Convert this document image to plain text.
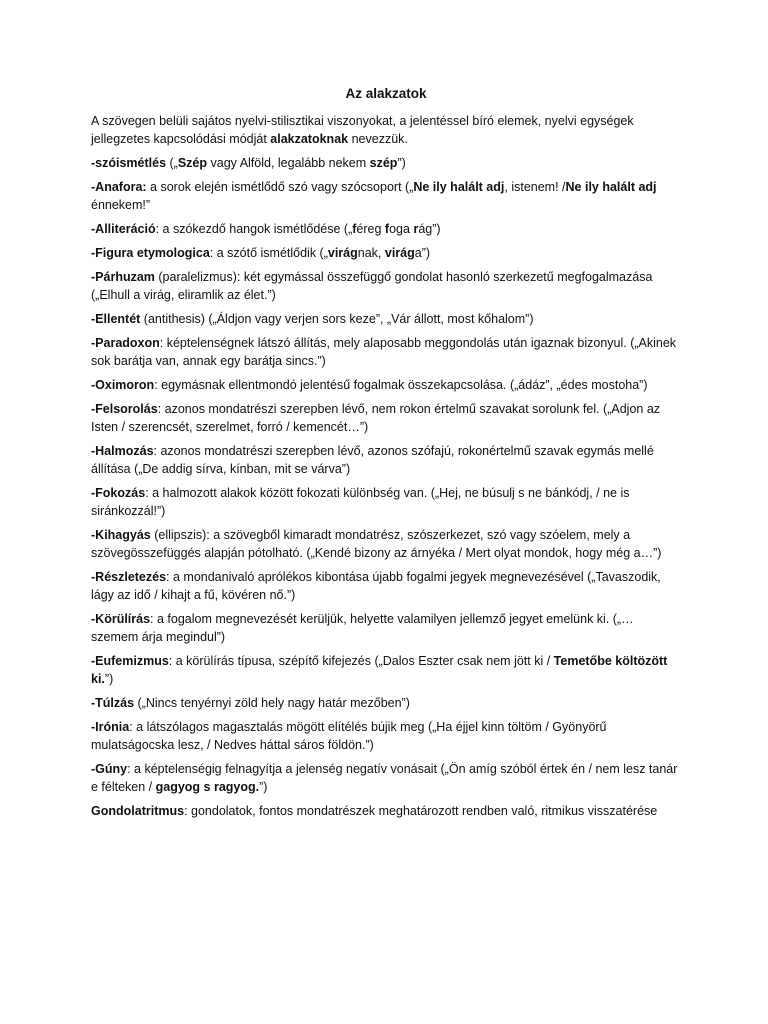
Az alakzatok

A szövegen belüli sajátos nyelvi-stilisztikai viszonyokat, a jelentéssel bíró elemek, nyelvi egységek jellegzetes kapcsolódási módját alakzatoknak nevezzük.

-szóismétlés („Szép vagy Alföld, legalább nekem szép”)

-Anafora: a sorok elején ismétlődő szó vagy szócsoport („Ne ily halált adj, istenem! /Ne ily halált adj énnekem!”

-Alliteráció: a szókezdő hangok ismétlődése („féreg foga rág”)

-Figura etymologica: a szótő ismétlődik („virágnak, virága”)

-Párhuzam (paralelizmus): két egymással összefüggő gondolat hasonló szerkezetű megfogalmazása („Elhull a virág, eliramlik az élet.”)

-Ellentét (antithesis) („Áldjon vagy verjen sors keze”, „Vár állott, most kőhalom”)

-Paradoxon: képtelenségnek látszó állítás, mely alaposabb meggondolás után igaznak bizonyul. („Akinek sok barátja van, annak egy barátja sincs.”)

-Oximoron: egymásnak ellentmondó jelentésű fogalmak összekapcsolása. („ádáz”, „édes mostoha”)

-Felsorolás: azonos mondatrészi szerepben lévő, nem rokon értelmű szavakat sorolunk fel. („Adjon az Isten / szerencsét, szerelmet, forró / kemencét…”)

-Halmozás: azonos mondatrészi szerepben lévő, azonos szófajú, rokonértelmű szavak egymás mellé állítása („De addig sírva, kínban, mit se várva”)

-Fokozás: a halmozott alakok között fokozati különbség van. („Hej, ne búsulj s ne bánkódj, / ne is siránkozzál!”)

-Kihagyás (ellipszis): a szövegből kimaradt mondatrész, szószerkezet, szó vagy szóelem, mely a szövegösszefüggés alapján pótolható. („Kendé bizony az árnyéka / Mert olyat mondok, hogy még a…”)

-Részletezés: a mondanivaló aprólékos kibontása újabb fogalmi jegyek megnevezésével („Tavaszodik, lágy az idő / kihajt a fű, kövéren nő.”)

-Körülírás: a fogalom megnevezését kerüljük, helyette valamilyen jellemző jegyet emelünk ki. („… szemem árja megindul”)

-Eufemizmus: a körülírás típusa, szépítő kifejezés („Dalos Eszter csak nem jött ki / Temetőbe költözött ki.”)

-Túlzás („Nincs tenyérnyi zöld hely nagy határ mezőben”)

-Irónia: a látszólagos magasztalás mögött elítélés bújik meg („Ha éjjel kinn töltöm / Gyönyörű mulatságocska lesz, / Nedves háttal sáros földön.”)

-Gúny: a képtelenségig felnagyítja a jelenség negatív vonásait („Ön amíg szóból értek én / nem lesz tanár e félteken / gagyog s ragyog.”)

Gondolatritmus: gondolatok, fontos mondatrészek meghatározott rendben való, ritmikus visszatérése
